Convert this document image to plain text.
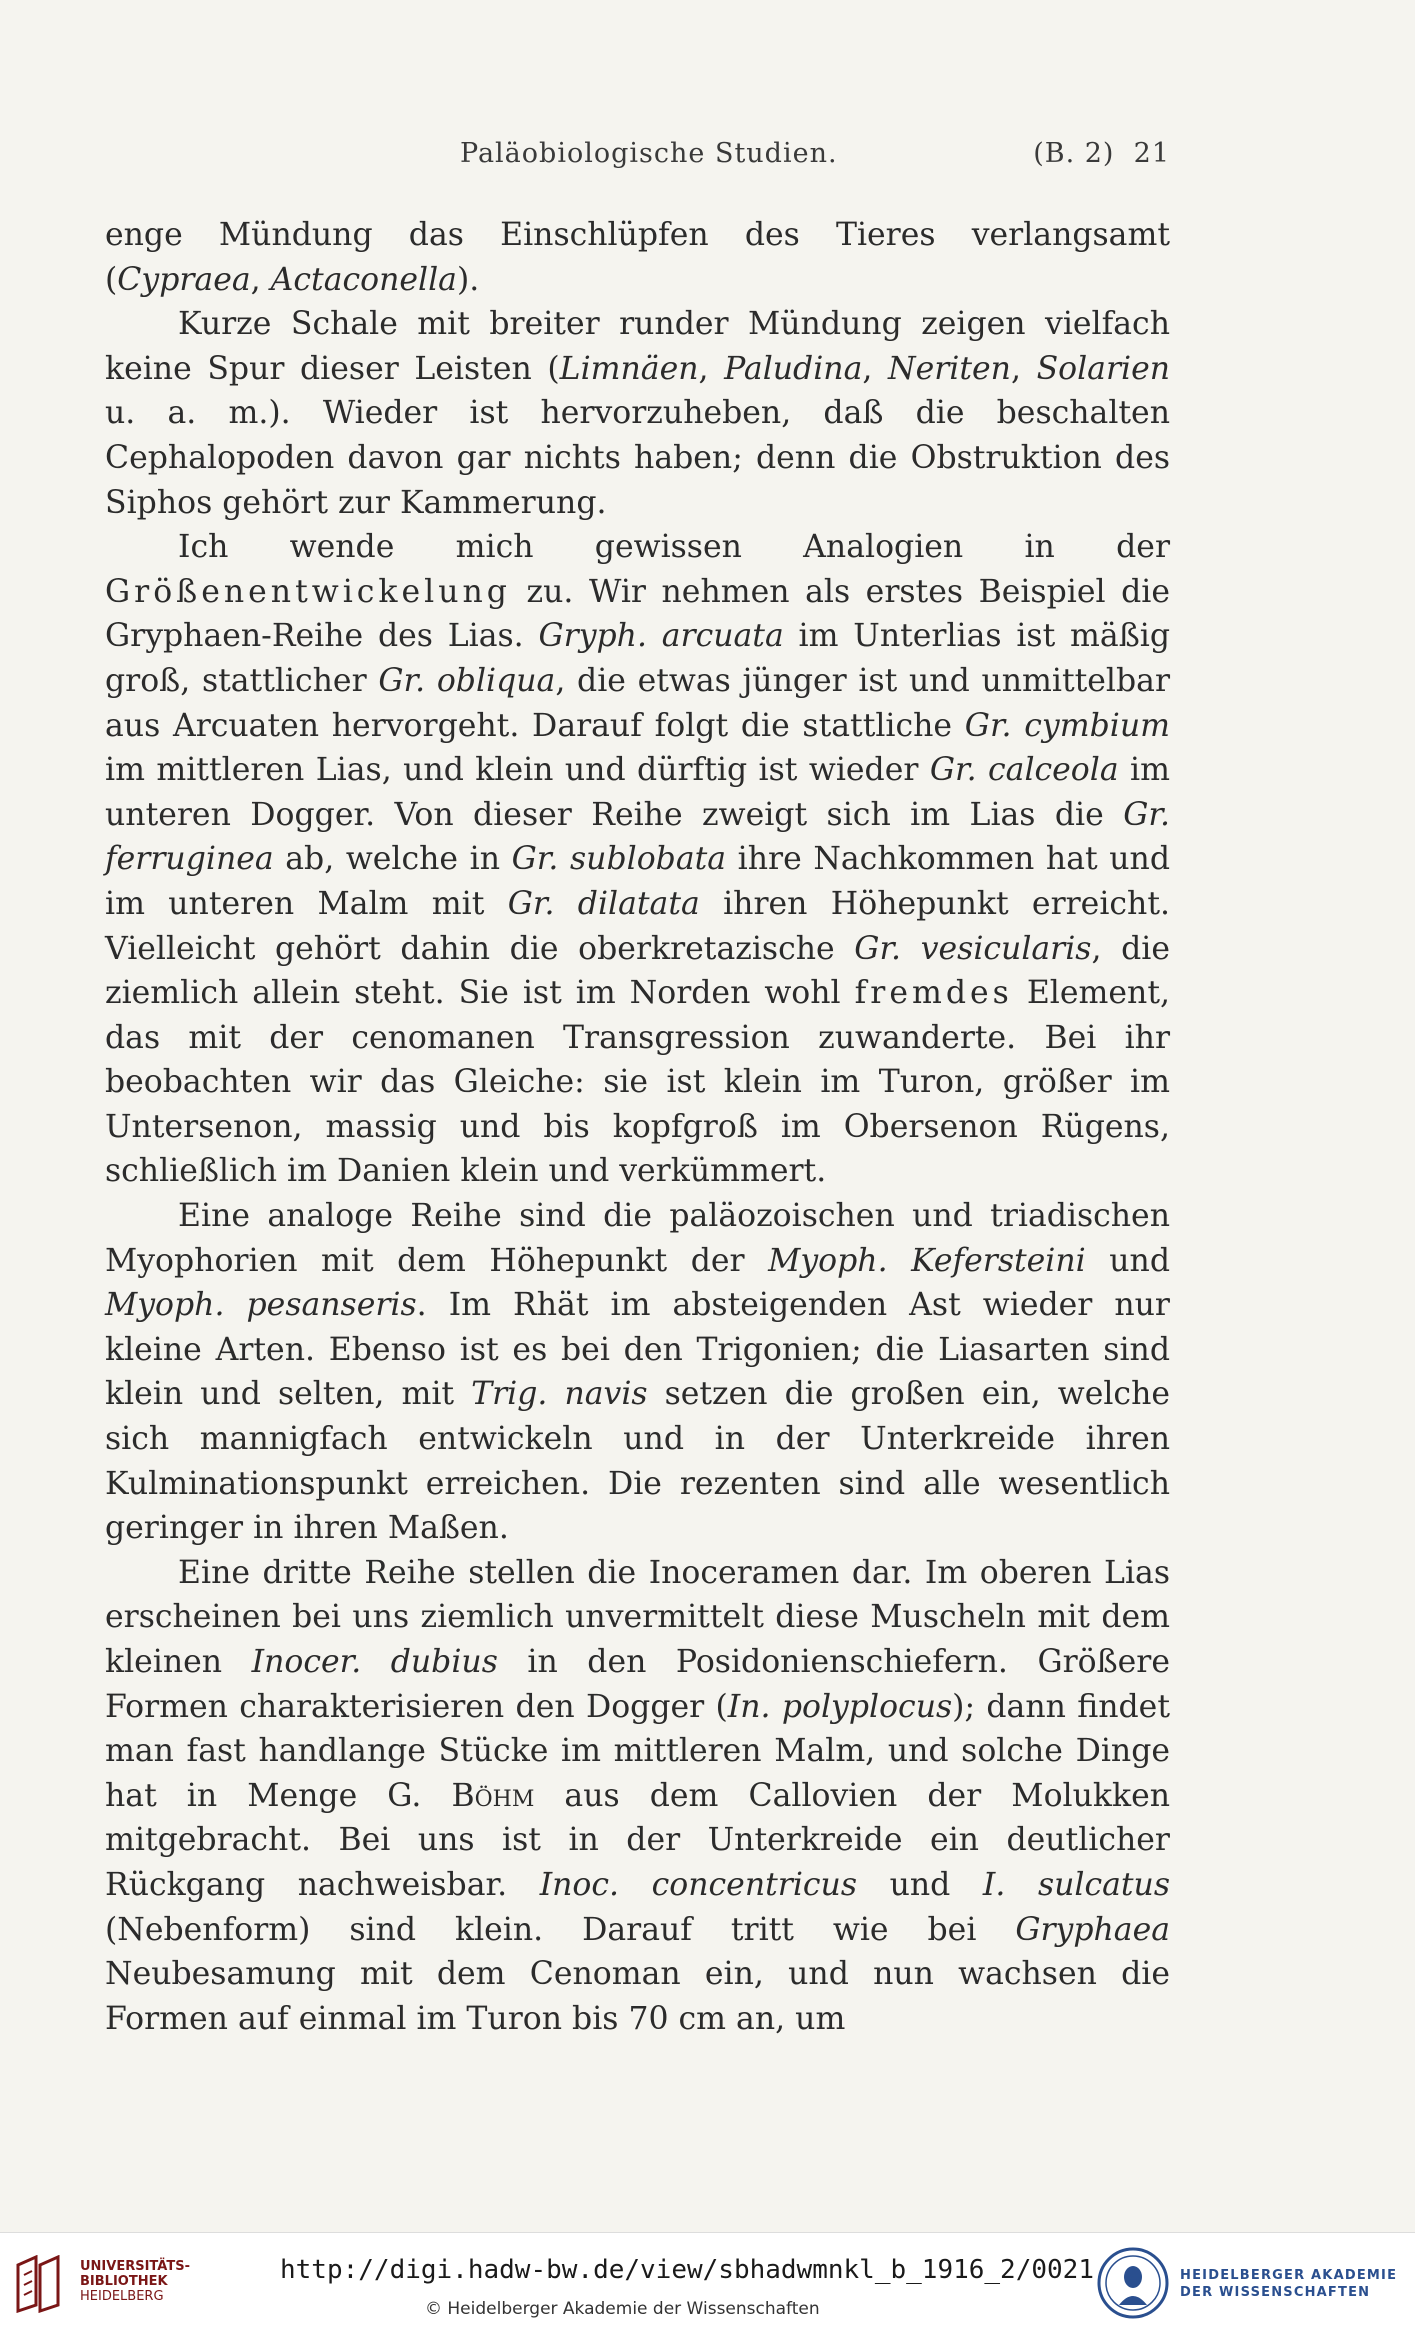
Paläobiologische Studien.	(B. 2) 21

enge Mündung das Einschlüpfen des Tieres verlangsamt (Cypraea, Actaconella).

Kurze Schale mit breiter runder Mündung zeigen vielfach keine Spur dieser Leisten (Limnäen, Paludina, Neriten, Solarien u. a. m.). Wieder ist hervorzuheben, daß die beschalten Cephalopoden davon gar nichts haben; denn die Obstruktion des Siphos gehört zur Kammerung.

Ich wende mich gewissen Analogien in der Größenentwickelung zu. Wir nehmen als erstes Beispiel die Gryphaen-Reihe des Lias. Gryph. arcuata im Unterlias ist mäßig groß, stattlicher Gr. obliqua, die etwas jünger ist und unmittelbar aus Arcuaten hervorgeht. Darauf folgt die stattliche Gr. cymbium im mittleren Lias, und klein und dürftig ist wieder Gr. calceola im unteren Dogger. Von dieser Reihe zweigt sich im Lias die Gr. ferruginea ab, welche in Gr. sublobata ihre Nachkommen hat und im unteren Malm mit Gr. dilatata ihren Höhepunkt erreicht. Vielleicht gehört dahin die oberkretazische Gr. vesicularis, die ziemlich allein steht. Sie ist im Norden wohl fremdes Element, das mit der cenomanen Transgression zuwanderte. Bei ihr beobachten wir das Gleiche: sie ist klein im Turon, größer im Untersenon, massig und bis kopfgroß im Obersenon Rügens, schließlich im Danien klein und verkümmert.

Eine analoge Reihe sind die paläozoischen und triadischen Myophorien mit dem Höhepunkt der Myoph. Kefersteini und Myoph. pesanseris. Im Rhät im absteigenden Ast wieder nur kleine Arten. Ebenso ist es bei den Trigonien; die Liasarten sind klein und selten, mit Trig. navis setzen die großen ein, welche sich mannigfach entwickeln und in der Unterkreide ihren Kulminationspunkt erreichen. Die rezenten sind alle wesentlich geringer in ihren Maßen.

Eine dritte Reihe stellen die Inoceramen dar. Im oberen Lias erscheinen bei uns ziemlich unvermittelt diese Muscheln mit dem kleinen Inocer. dubius in den Posidonienschiefern. Größere Formen charakterisieren den Dogger (In. polyplocus); dann findet man fast handlange Stücke im mittleren Malm, und solche Dinge hat in Menge G. Böhm aus dem Callovien der Molukken mitgebracht. Bei uns ist in der Unterkreide ein deutlicher Rückgang nachweisbar. Inoc. concentricus und I. sulcatus (Nebenform) sind klein. Darauf tritt wie bei Gryphaea Neubesamung mit dem Cenoman ein, und nun wachsen die Formen auf einmal im Turon bis 70 cm an, um

UNIVERSITÄTS-
BIBLIOTHEK
HEIDELBERG
http://digi.hadw-bw.de/view/sbhadwmnkl_b_1916_2/0021
© Heidelberger Akademie der Wissenschaften
HEIDELBERGER AKADEMIE
DER WISSENSCHAFTEN
